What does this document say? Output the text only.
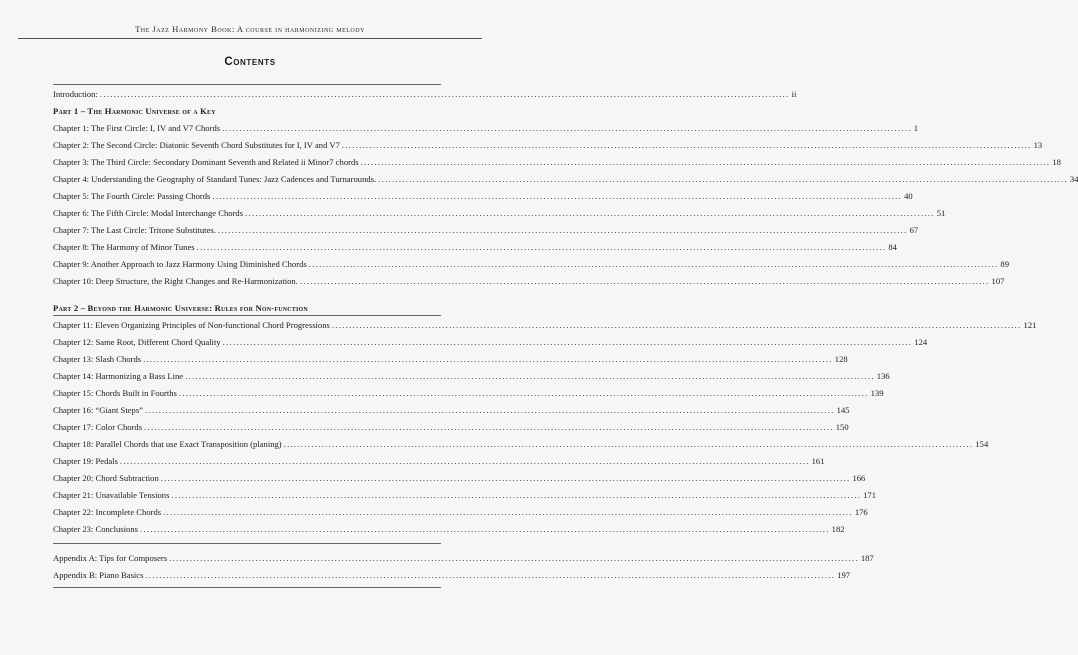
The Jazz Harmony Book: A course in harmonizing melody
Contents
Introduction: ........................................................................................................................................................................................................ ii
Part 1 – The Harmonic Universe of a Key
Chapter 1: The First Circle: I, IV and V7 Chords ........................................................................................................................................................................................................ 1
Chapter 2: The Second Circle: Diatonic Seventh Chord Substitutes for I, IV and V7 ........................................................................................................................................................................................................ 13
Chapter 3: The Third Circle: Secondary Dominant Seventh and Related ii Minor7 chords ........................................................................................................................................................................................................ 18
Chapter 4: Understanding the Geography of Standard Tunes: Jazz Cadences and Turnarounds. ........................................................................................................................................................................................................ 34
Chapter 5: The Fourth Circle: Passing Chords ........................................................................................................................................................................................................ 40
Chapter 6: The Fifth Circle: Modal Interchange Chords ........................................................................................................................................................................................................ 51
Chapter 7: The Last Circle: Tritone Substitutes. ........................................................................................................................................................................................................ 67
Chapter 8: The Harmony of Minor Tunes ........................................................................................................................................................................................................ 84
Chapter 9: Another Approach to Jazz Harmony Using Diminished Chords ........................................................................................................................................................................................................ 89
Chapter 10: Deep Structure, the Right Changes and Re-Harmonization. ........................................................................................................................................................................................................ 107
Part 2 – Beyond the Harmonic Universe: Rules for Non-function
Chapter 11: Eleven Organizing Principles of Non-functional Chord Progressions ........................................................................................................................................................................................................ 121
Chapter 12: Same Root, Different Chord Quality ........................................................................................................................................................................................................ 124
Chapter 13: Slash Chords ........................................................................................................................................................................................................ 128
Chapter 14: Harmonizing a Bass Line ........................................................................................................................................................................................................ 136
Chapter 15: Chords Built in Fourths ........................................................................................................................................................................................................ 139
Chapter 16: “Giant Steps” ........................................................................................................................................................................................................ 145
Chapter 17: Color Chords ........................................................................................................................................................................................................ 150
Chapter 18: Parallel Chords that use Exact Transposition (planing) ........................................................................................................................................................................................................ 154
Chapter 19: Pedals ........................................................................................................................................................................................................ 161
Chapter 20: Chord Subtraction ........................................................................................................................................................................................................ 166
Chapter 21: Unavailable Tensions ........................................................................................................................................................................................................ 171
Chapter 22: Incomplete Chords ........................................................................................................................................................................................................ 176
Chapter 23: Conclusions ........................................................................................................................................................................................................ 182
Appendix A: Tips for Composers ........................................................................................................................................................................................................ 187
Appendix B: Piano Basics ........................................................................................................................................................................................................ 197
